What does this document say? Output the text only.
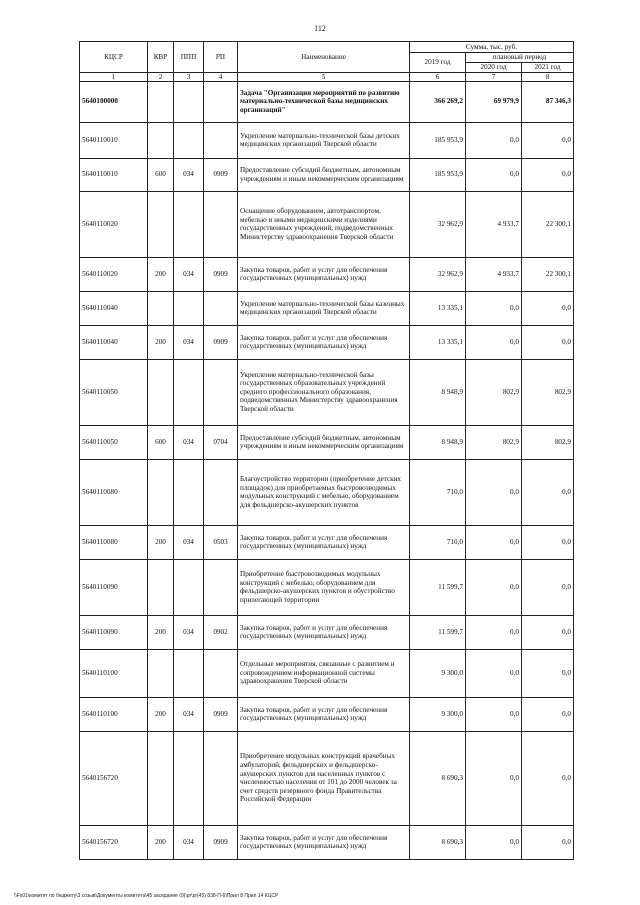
112
КЦСР	КВР	ППП	РП	Наименование	Сумма, тыс. руб.		
					2019 год	плановый период	
						2020 год	2021 год
1	2	3	4	5	6	7	8
5640100000				Задача "Организация мероприятий по развитию материально-технической базы медицинских организаций"	366 269,2	69 979,9	87 346,3
5640110010				Укрепление материально-технической базы детских медицинских организаций Тверской области	185 953,9	0,0	0,0
5640110010	600	034	0909	Предоставление субсидий бюджетным, автономным учреждениям и иным некоммерческим организациям	185 953,9	0,0	0,0
5640110020				Оснащение оборудованием, автотранспортом, мебелью и иными медицинскими изделиями государственных учреждений, подведомственных Министерству здравоохранения Тверской области	32 962,9	4 933,7	22 300,1
5640110020	200	034	0909	Закупка товаров, работ и услуг для обеспечения государственных (муниципальных) нужд	32 962,9	4 933,7	22 300,1
5640110040				Укрепление материально-технической базы казенных медицинских организаций Тверской области	13 335,1	0,0	0,0
5640110040	200	034	0909	Закупка товаров, работ и услуг для обеспечения государственных (муниципальных) нужд	13 335,1	0,0	0,0
5640110050				Укрепление материально-технической базы государственных образовательных учреждений среднего профессионального образования, подведомственных Министерству здравоохранения Тверской области	8 948,9	802,9	802,9
5640110050	600	034	0704	Предоставление субсидий бюджетным, автономным учреждениям и иным некоммерческим организациям	8 948,9	802,9	802,9
5640110080				Благоустройство территории (приобретение детских площадок) для приобретаемых быстровозводимых модульных конструкций с мебелью, оборудованием для фельдшерско-акушерских пунктов	710,0	0,0	0,0
5640110080	200	034	0503	Закупка товаров, работ и услуг для обеспечения государственных (муниципальных) нужд	710,0	0,0	0,0
5640110090				Приобретение быстровозводимых модульных конструкций с мебелью, оборудованием для фельдшерско-акушерских пунктов и обустройство прилегающей территории	11 599,7	0,0	0,0
5640110090	200	034	0902	Закупка товаров, работ и услуг для обеспечения государственных (муниципальных) нужд	11 599,7	0,0	0,0
5640110100				Отдельные мероприятия, связанные с развитием и сопровождением информационной системы здравоохранения Тверской области	9 300,0	0,0	0,0
5640110100	200	034	0909	Закупка товаров, работ и услуг для обеспечения государственных (муниципальных) нужд	9 300,0	0,0	0,0
5640156720				Приобретение модульных конструкций врачебных амбулаторий, фельдшерских и фельдшерско-акушерских пунктов для населенных пунктов с численностью населения от 101 до 2000 человек за счет средств резервного фонда Правительства Российской Федерации	8 690,3	0,0	0,0
5640156720	200	034	0909	Закупка товаров, работ и услуг для обеспечения государственных (муниципальных) нужд	8 690,3	0,0	0,0
\\Fs01\комитет по бюджету\3 созыв\Документы комитета\45 заседание (9)\pr\pr(45) 838-П-6\Прил 8 Прил 14 КЦСР
